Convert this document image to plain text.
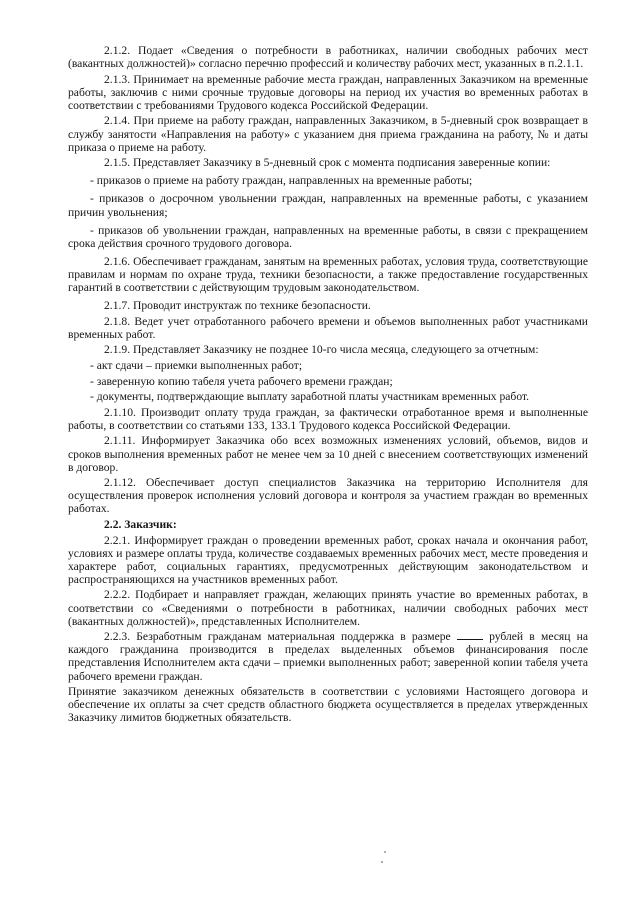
2.1.2. Подает «Сведения о потребности в работниках, наличии свободных рабочих мест (вакантных должностей)» согласно перечню профессий и количеству рабочих мест, указанных в п.2.1.1.

2.1.3. Принимает на временные рабочие места граждан, направленных Заказчиком на временные работы, заключив с ними срочные трудовые договоры на период их участия во временных работах в соответствии с требованиями Трудового кодекса Российской Федерации.

2.1.4. При приеме на работу граждан, направленных Заказчиком, в 5-дневный срок возвращает в службу занятости «Направления на работу» с указанием дня приема гражданина на работу, № и даты приказа о приеме на работу.

2.1.5. Представляет Заказчику в 5-дневный срок с момента подписания заверенные копии:

- приказов о приеме на работу граждан, направленных на временные работы;

- приказов о досрочном увольнении граждан, направленных на временные работы, с указанием причин увольнения;

- приказов об увольнении граждан, направленных на временные работы, в связи с прекращением срока действия срочного трудового договора.

2.1.6. Обеспечивает гражданам, занятым на временных работах, условия труда, соответствующие правилам и нормам по охране труда, техники безопасности, а также предоставление государственных гарантий в соответствии с действующим трудовым законодательством.

2.1.7. Проводит инструктаж по технике безопасности.

2.1.8. Ведет учет отработанного рабочего времени и объемов выполненных работ участниками временных работ.

2.1.9. Представляет Заказчику не позднее 10-го числа месяца, следующего за отчетным:

- акт сдачи – приемки выполненных работ;

- заверенную копию табеля учета рабочего времени граждан;

- документы, подтверждающие выплату заработной платы участникам временных работ.

2.1.10. Производит оплату труда граждан, за фактически отработанное время и выполненные работы, в соответствии со статьями 133, 133.1 Трудового кодекса Российской Федерации.

2.1.11. Информирует Заказчика обо всех возможных изменениях условий, объемов, видов и сроков выполнения временных работ не менее чем за 10 дней с внесением соответствующих изменений в договор.

2.1.12. Обеспечивает доступ специалистов Заказчика на территорию Исполнителя для осуществления проверок исполнения условий договора и контроля за участием граждан во временных работах.

2.2. Заказчик:

2.2.1. Информирует граждан о проведении временных работ, сроках начала и окончания работ, условиях и размере оплаты труда, количестве создаваемых временных рабочих мест, месте проведения и характере работ, социальных гарантиях, предусмотренных действующим законодательством и распространяющихся на участников временных работ.

2.2.2. Подбирает и направляет граждан, желающих принять участие во временных работах, в соответствии со «Сведениями о потребности в работниках, наличии свободных рабочих мест (вакантных должностей)», представленных Исполнителем.

2.2.3. Безработным гражданам материальная поддержка в размере  рублей в месяц на каждого гражданина производится в пределах выделенных объемов финансирования после представления Исполнителем акта сдачи – приемки выполненных работ; заверенной копии табеля учета рабочего времени граждан.

Принятие заказчиком денежных обязательств в соответствии с условиями Настоящего договора и обеспечение их оплаты за счет средств областного бюджета осуществляется в пределах утвержденных Заказчику лимитов бюджетных обязательств.
